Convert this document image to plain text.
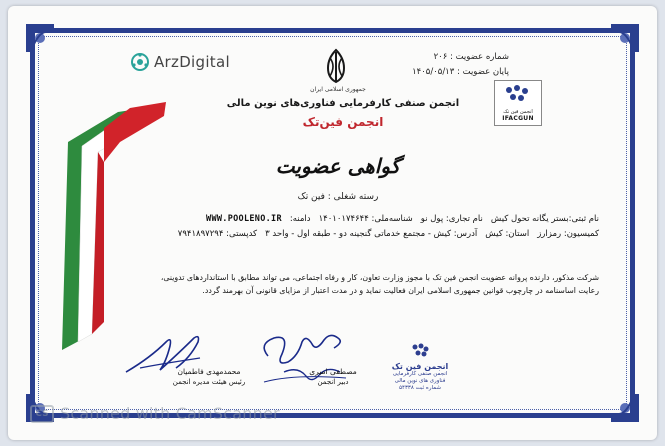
ArzDigital
جمهوری اسلامی ایران
شماره عضویت : ۲۰۶
پایان عضویت : ۱۴۰۵/۰۵/۱۳
انجمن فین تک
IFACGUN
انجمن صنفی کارفرمایی فناوری‌های نوین مالی
انجمن فین‌تک
گواهی عضویت
رسته شغلی : فین تک
نام ثبتی:بستر یگانه تحول کیش
نام تجاری: پول نو
شناسه‌ملی: ۱۴۰۱۰۱۷۴۶۴۴
دامنه:
WWW.POOLENO.IR
کمیسیون: رمزارز
استان: کیش
آدرس: کیش - مجتمع خدماتی گنجینه دو - طبقه اول - واحد ۳
کدپستی: ۷۹۴۱۸۹۷۲۹۴
شرکت مذکور، دارنده پروانه عضویت انجمن فین تک با مجوز وزارت تعاون، کار و رفاه اجتماعی، می تواند مطابق با استانداردهای تدوینی،
رعایت اساسنامه در چارچوب قوانین جمهوری اسلامی ایران فعالیت نماید و در مدت اعتبار از مزایای قانونی آن بهرمند گردد.
محمدمهدی فاطمیان
رئیس هیئت مدیره انجمن
مصطفی امیری
دبیر انجمن
انجمن فین تک
انجمن صنفی کارفرمایی
فناوری های نوین مالی
شماره ثبت ۵۴۳۳۸
CS Scanned with CamScanner
